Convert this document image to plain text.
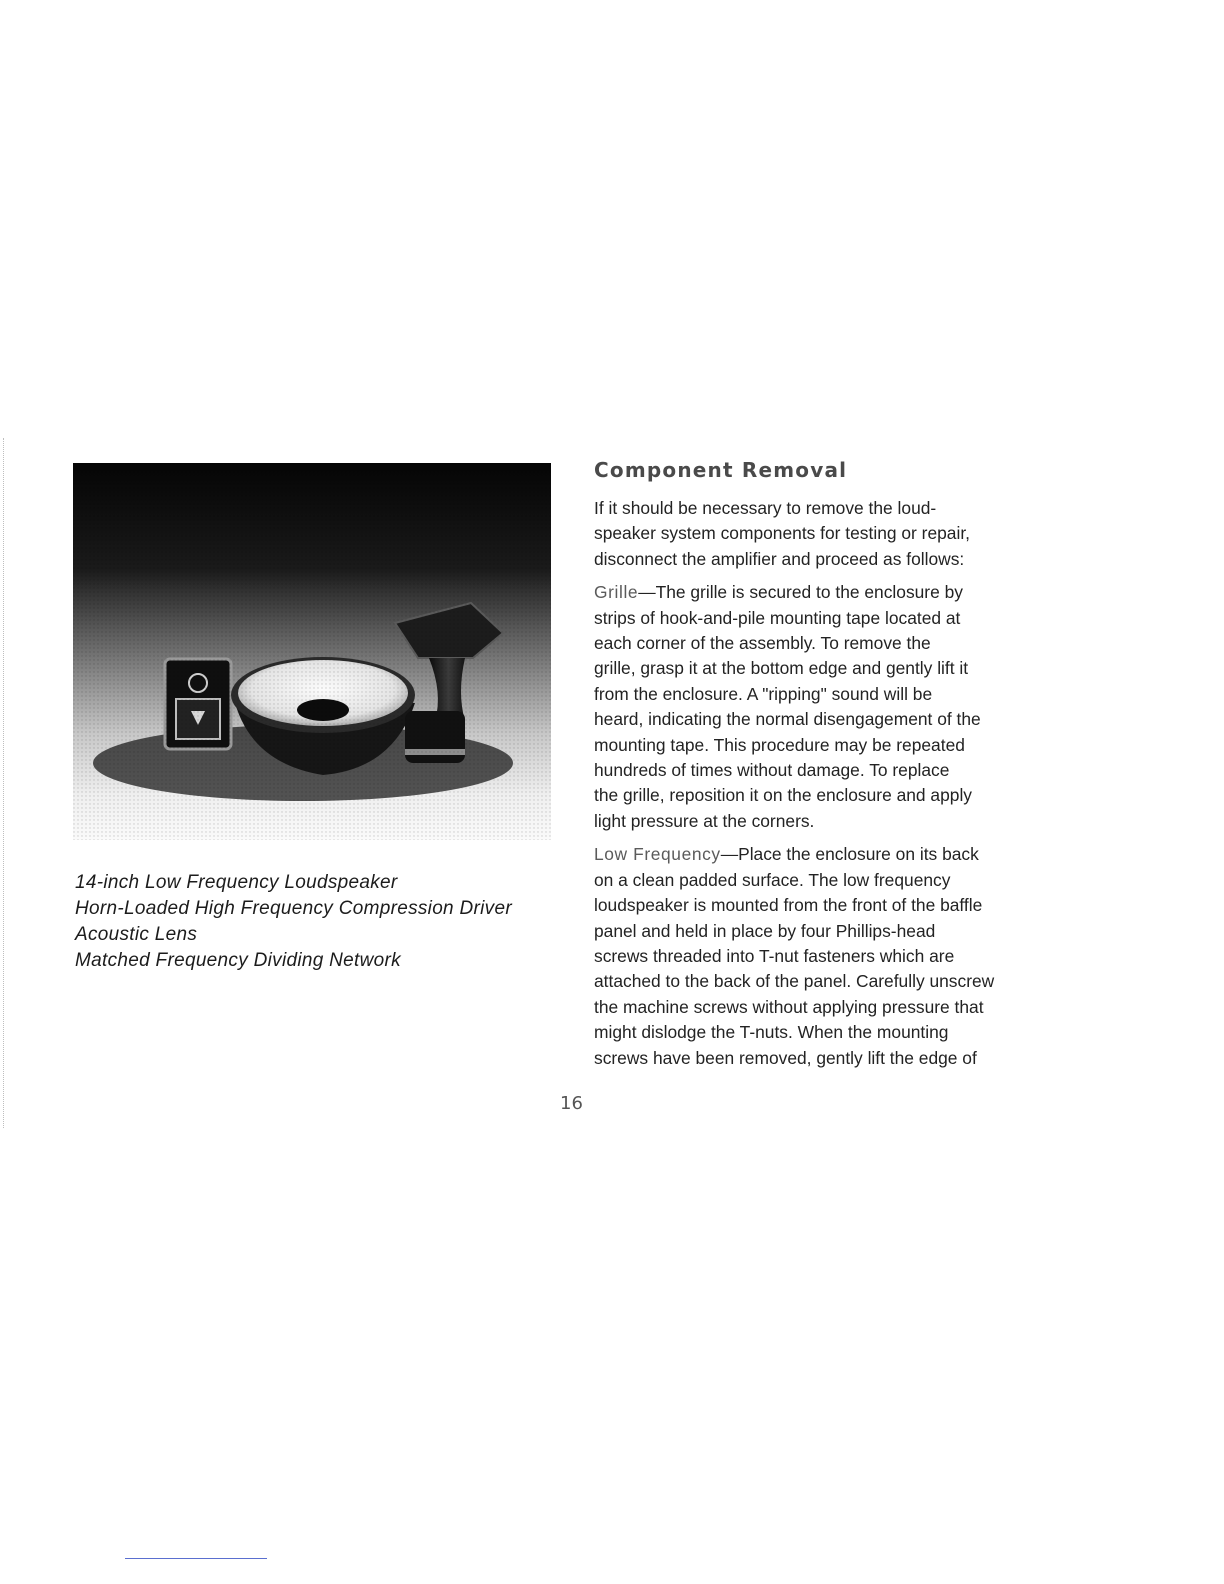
14-inch Low Frequency Loudspeaker
Horn-Loaded High Frequency Compression Driver
Acoustic Lens
Matched Frequency Dividing Network
Component Removal

If it should be necessary to remove the loud-
speaker system components for testing or repair,
disconnect the amplifier and proceed as follows:

Grille—The grille is secured to the enclosure by
strips of hook-and-pile mounting tape located at
each corner of the assembly. To remove the
grille, grasp it at the bottom edge and gently lift it
from the enclosure. A "ripping" sound will be
heard, indicating the normal disengagement of the
mounting tape. This procedure may be repeated
hundreds of times without damage. To replace
the grille, reposition it on the enclosure and apply
light pressure at the corners.

Low Frequency—Place the enclosure on its back
on a clean padded surface. The low frequency
loudspeaker is mounted from the front of the baffle
panel and held in place by four Phillips-head
screws threaded into T-nut fasteners which are
attached to the back of the panel. Carefully unscrew
the machine screws without applying pressure that
might dislodge the T-nuts. When the mounting
screws have been removed, gently lift the edge of

16
